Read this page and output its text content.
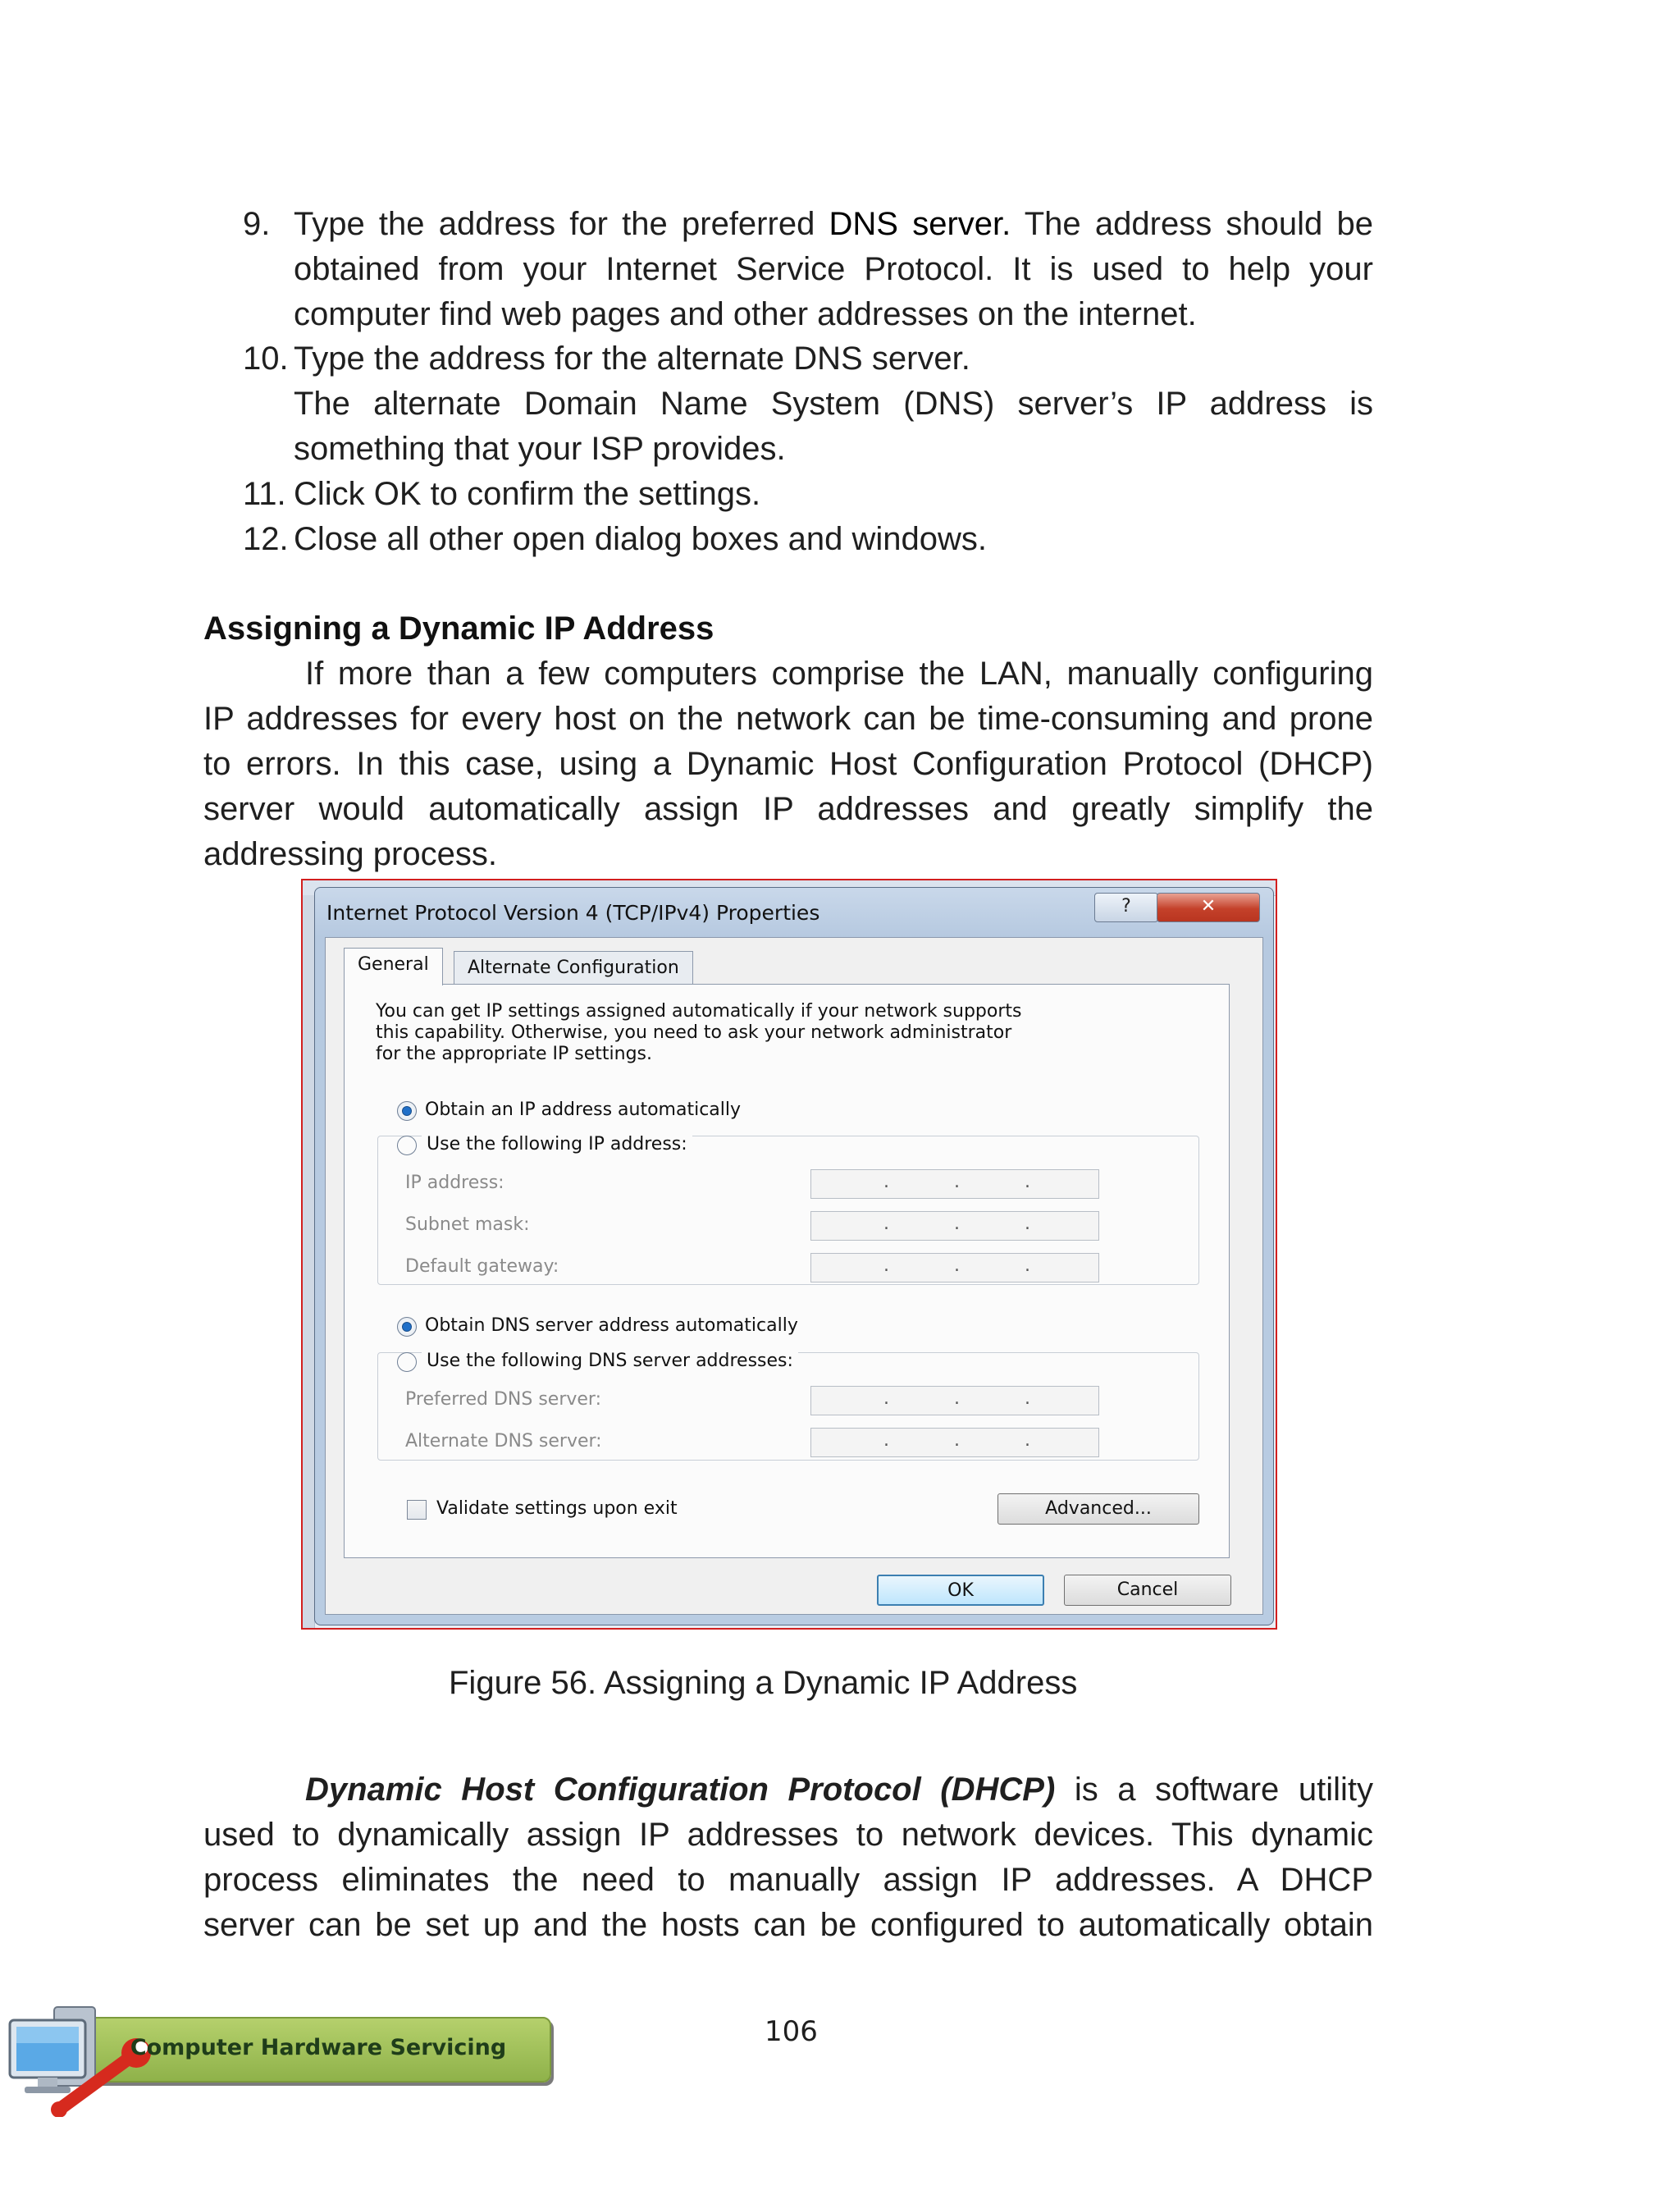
9. Type the address for the preferred DNS server. The address should be
obtained from your Internet Service Protocol. It is used to help your
computer find web pages and other addresses on the internet.
10. Type the address for the alternate DNS server.
The alternate Domain Name System (DNS) server’s IP address is
something that your ISP provides.
11. Click OK to confirm the settings.
12. Close all other open dialog boxes and windows.
Assigning a Dynamic IP Address
If more than a few computers comprise the LAN, manually configuring
IP addresses for every host on the network can be time-consuming and prone
to errors. In this case, using a Dynamic Host Configuration Protocol (DHCP)
server would automatically assign IP addresses and greatly simplify the
addressing process.
Internet Protocol Version 4 (TCP/IPv4) Properties	?	✕
General	Alternate Configuration
You can get IP settings assigned automatically if your network supports
this capability. Otherwise, you need to ask your network administrator
for the appropriate IP settings.
Obtain an IP address automatically
Use the following IP address:
IP address:	.	.	.
Subnet mask:	.	.	.
Default gateway:	.	.	.
Obtain DNS server address automatically
Use the following DNS server addresses:
Preferred DNS server:	.	.	.
Alternate DNS server:	.	.	.
Validate settings upon exit	Advanced...
OK	Cancel
Figure 56. Assigning a Dynamic IP Address
Dynamic Host Configuration Protocol (DHCP) is a software utility
used to dynamically assign IP addresses to network devices. This dynamic
process eliminates the need to manually assign IP addresses. A DHCP
server can be set up and the hosts can be configured to automatically obtain
106
Computer Hardware Servicing
